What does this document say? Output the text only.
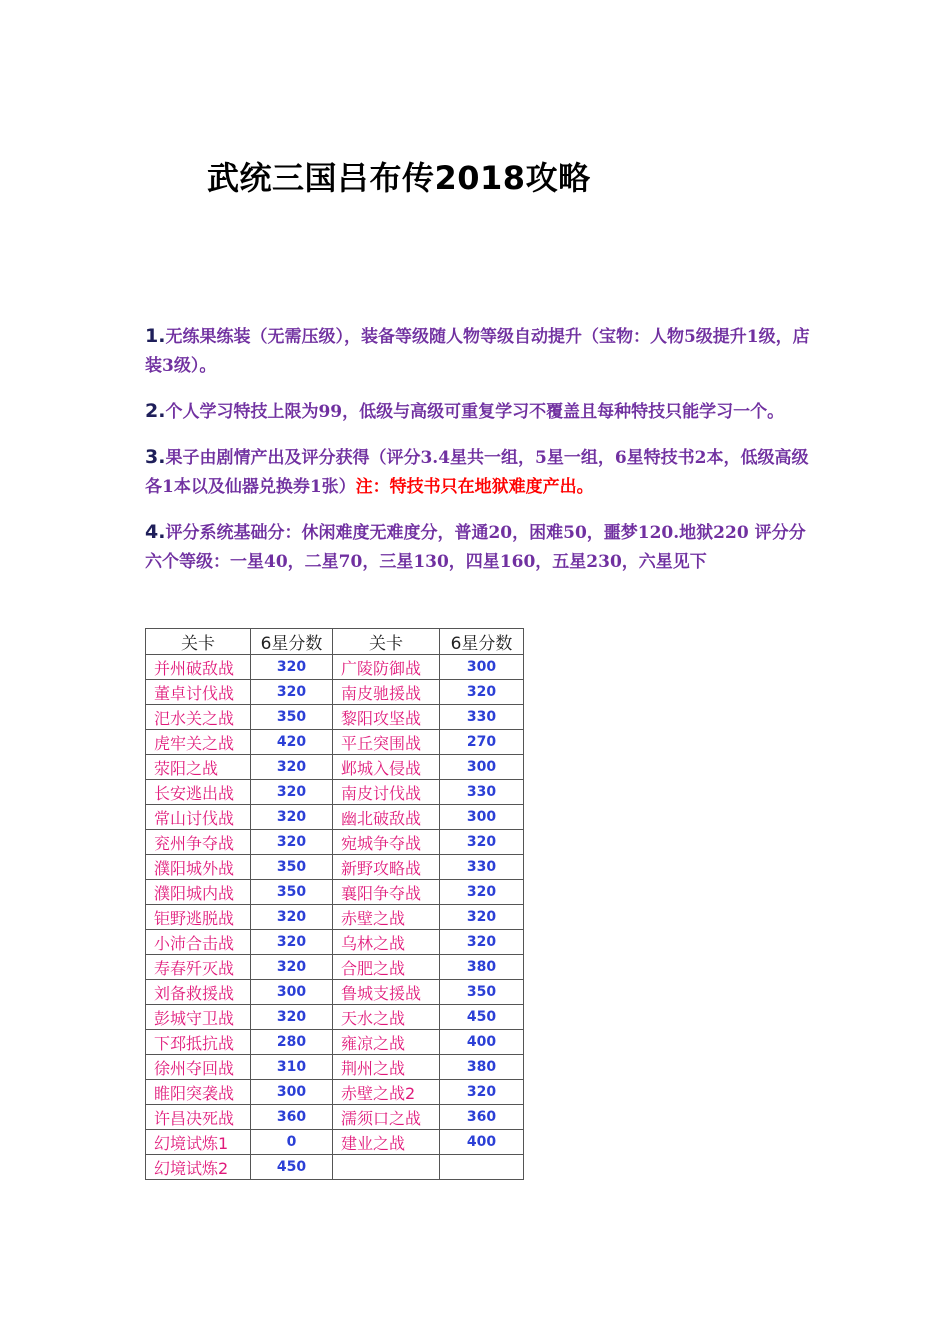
武统三国吕布传2018攻略

1.无练果练装（无需压级），装备等级随人物等级自动提升（宝物：人物5级提升1级，店装3级）。

2.个人学习特技上限为99，低级与高级可重复学习不覆盖且每种特技只能学习一个。

3.果子由剧情产出及评分获得（评分3.4星共一组，5星一组，6星特技书2本，低级高级各1本以及仙器兑换券1张）注：特技书只在地狱难度产出。

4.评分系统基础分：休闲难度无难度分，普通20，困难50，噩梦120.地狱220 评分分六个等级：一星40，二星70，三星130，四星160，五星230，六星见下

关卡	6星分数	关卡	6星分数
并州破敌战	320	广陵防御战	300
董卓讨伐战	320	南皮驰援战	320
汜水关之战	350	黎阳攻坚战	330
虎牢关之战	420	平丘突围战	270
荥阳之战	320	邺城入侵战	300
长安逃出战	320	南皮讨伐战	330
常山讨伐战	320	幽北破敌战	300
兖州争夺战	320	宛城争夺战	320
濮阳城外战	350	新野攻略战	330
濮阳城内战	350	襄阳争夺战	320
钜野逃脱战	320	赤壁之战	320
小沛合击战	320	乌林之战	320
寿春歼灭战	320	合肥之战	380
刘备救援战	300	鲁城支援战	350
彭城守卫战	320	天水之战	450
下邳抵抗战	280	雍凉之战	400
徐州夺回战	310	荆州之战	380
睢阳突袭战	300	赤壁之战2	320
许昌决死战	360	濡须口之战	360
幻境试炼1	0	建业之战	400
幻境试炼2	450		
